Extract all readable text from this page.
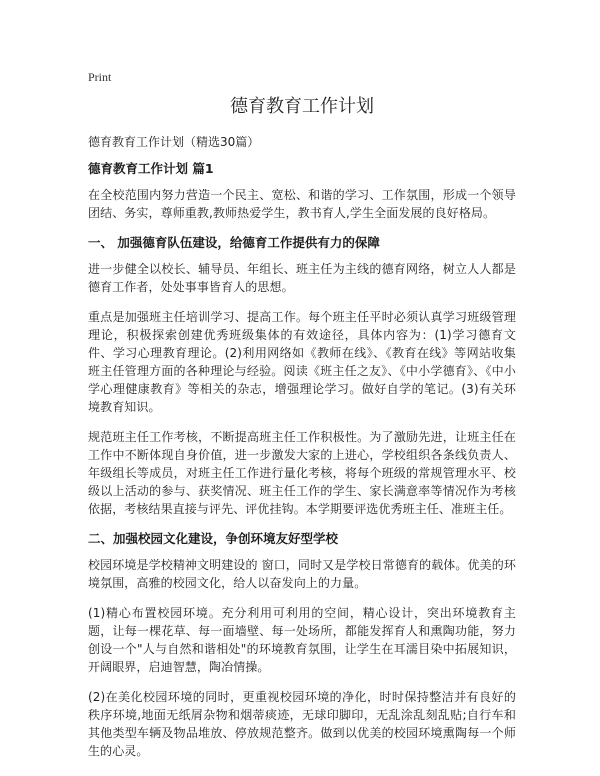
Print
德育教育工作计划

德育教育工作计划（精选30篇）

德育教育工作计划 篇1

在全校范围内努力营造一个民主、宽松、和谐的学习、工作氛围，形成一个领导团结、务实，尊师重教,教师热爱学生，教书育人,学生全面发展的良好格局。

一、 加强德育队伍建设，给德育工作提供有力的保障

进一步健全以校长、辅导员、年组长、班主任为主线的德育网络，树立人人都是德育工作者，处处事事皆育人的思想。

重点是加强班主任培训学习、提高工作。每个班主任平时必须认真学习班级管理理论，积极探索创建优秀班级集体的有效途径，具体内容为：(1)学习德育文件、学习心理教育理论。(2)利用网络如《教师在线》、《教育在线》等网站收集班主任管理方面的各种理论与经验。阅读《班主任之友》、《中小学德育》、《中小学心理健康教育》等相关的杂志，增强理论学习。做好自学的笔记。(3)有关环境教育知识。

规范班主任工作考核，不断提高班主任工作积极性。为了激励先进，让班主任在工作中不断体现自身价值，进一步激发大家的上进心，学校组织各条线负责人、年级组长等成员，对班主任工作进行量化考核，将每个班级的常规管理水平、校级以上活动的参与、获奖情况、班主任工作的学生、家长满意率等情况作为考核依据，考核结果直接与评先、评优挂钩。本学期要评选优秀班主任、准班主任。

二、加强校园文化建设，争创环境友好型学校

校园环境是学校精神文明建设的 窗口，同时又是学校日常德育的载体。优美的环境氛围，高雅的校园文化，给人以奋发向上的力量。

(1)精心布置校园环境。充分利用可利用的空间，精心设计，突出环境教育主题，让每一棵花草、每一面墙壁、每一处场所，都能发挥育人和熏陶功能，努力创设一个"人与自然和谐相处"的环境教育氛围，让学生在耳濡目染中拓展知识，开阔眼界，启迪智慧，陶冶情操。

(2)在美化校园环境的同时，更重视校园环境的净化，时时保持整洁并有良好的秩序环境,地面无纸屑杂物和烟蒂痰迹，无球印脚印，无乱涂乱刻乱贴;自行车和其他类型车辆及物品堆放、停放规范整齐。做到以优美的校园环境熏陶每一个师生的心灵。
